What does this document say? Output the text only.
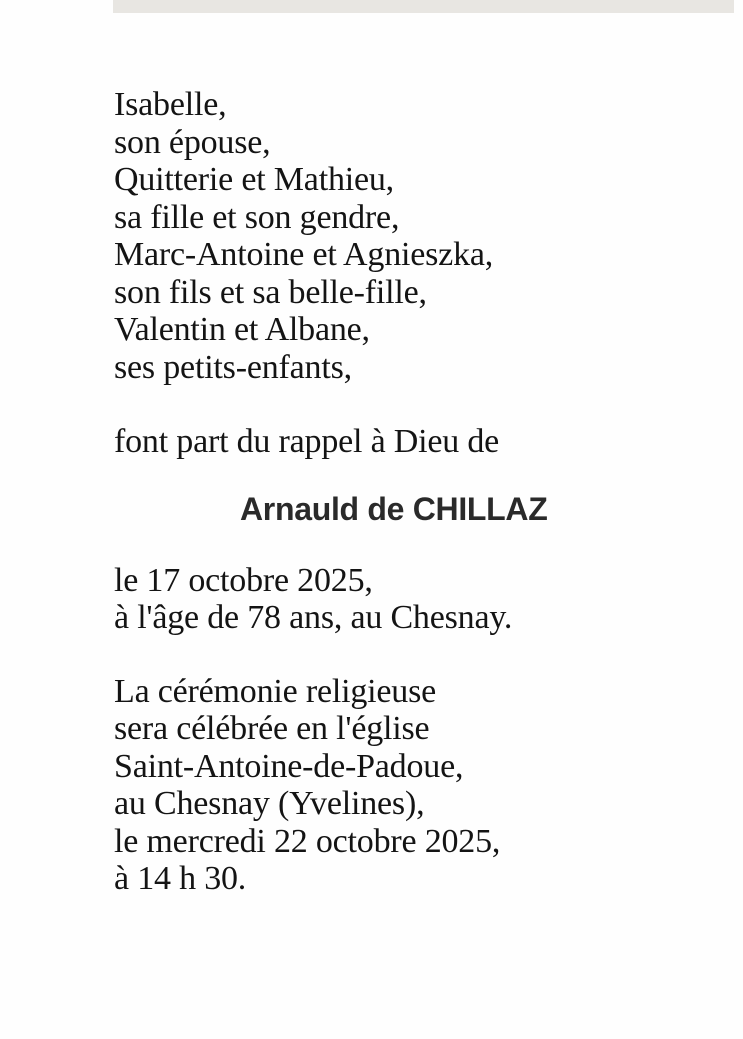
Isabelle,
son épouse,
Quitterie et Mathieu,
sa fille et son gendre,
Marc-Antoine et Agnieszka,
son fils et sa belle-fille,
Valentin et Albane,
ses petits-enfants,

font part du rappel à Dieu de

Arnauld de CHILLAZ

le 17 octobre 2025,
à l'âge de 78 ans, au Chesnay.

La cérémonie religieuse
sera célébrée en l'église
Saint-Antoine-de-Padoue,
au Chesnay (Yvelines),
le mercredi 22 octobre 2025,
à 14 h 30.
